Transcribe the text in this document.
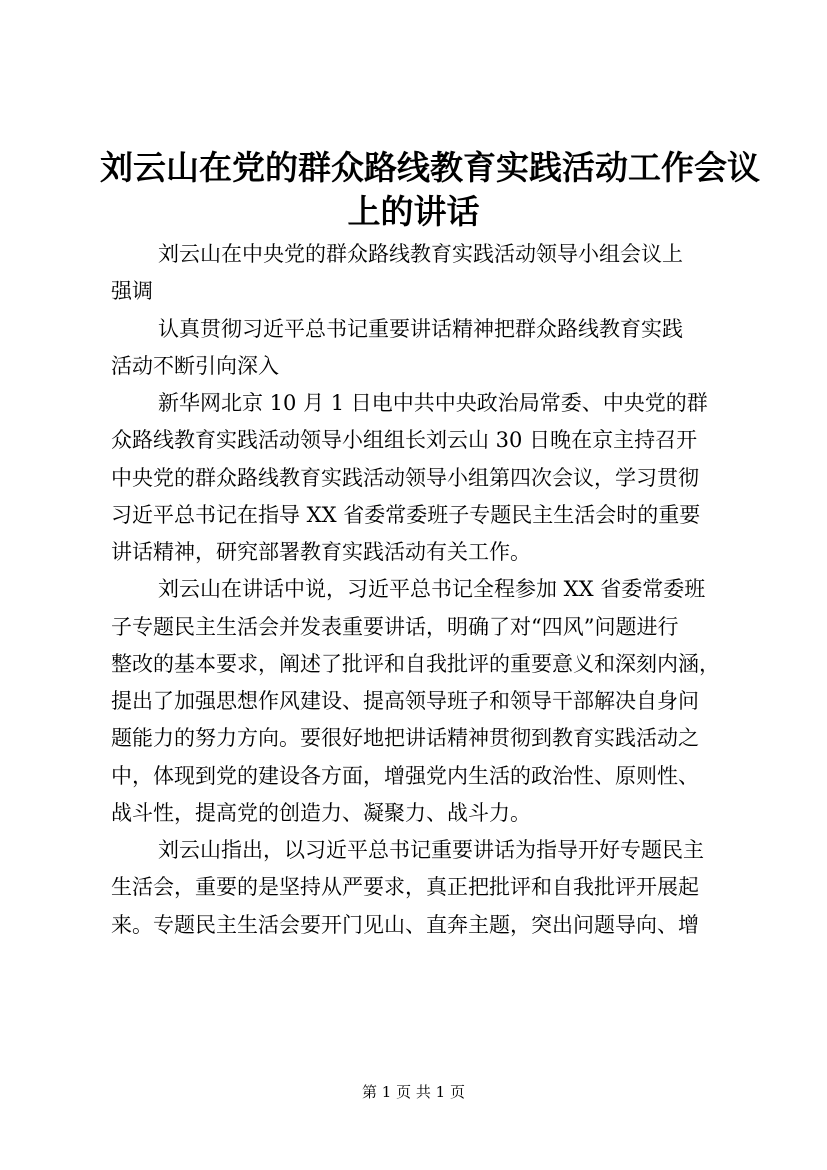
刘云山在党的群众路线教育实践活动工作会议
上的讲话
刘云山在中央党的群众路线教育实践活动领导小组会议上
强调
认真贯彻习近平总书记重要讲话精神把群众路线教育实践
活动不断引向深入
新华网北京 10 月 1 日电中共中央政治局常委、中央党的群
众路线教育实践活动领导小组组长刘云山 30 日晚在京主持召开
中央党的群众路线教育实践活动领导小组第四次会议，学习贯彻
习近平总书记在指导 XX 省委常委班子专题民主生活会时的重要
讲话精神，研究部署教育实践活动有关工作。
刘云山在讲话中说，习近平总书记全程参加 XX 省委常委班
子专题民主生活会并发表重要讲话，明确了对“四风”问题进行
整改的基本要求，阐述了批评和自我批评的重要意义和深刻内涵，
提出了加强思想作风建设、提高领导班子和领导干部解决自身问
题能力的努力方向。要很好地把讲话精神贯彻到教育实践活动之
中，体现到党的建设各方面，增强党内生活的政治性、原则性、
战斗性，提高党的创造力、凝聚力、战斗力。
刘云山指出，以习近平总书记重要讲话为指导开好专题民主
生活会，重要的是坚持从严要求，真正把批评和自我批评开展起
来。专题民主生活会要开门见山、直奔主题，突出问题导向、增
第 1 页 共 1 页
